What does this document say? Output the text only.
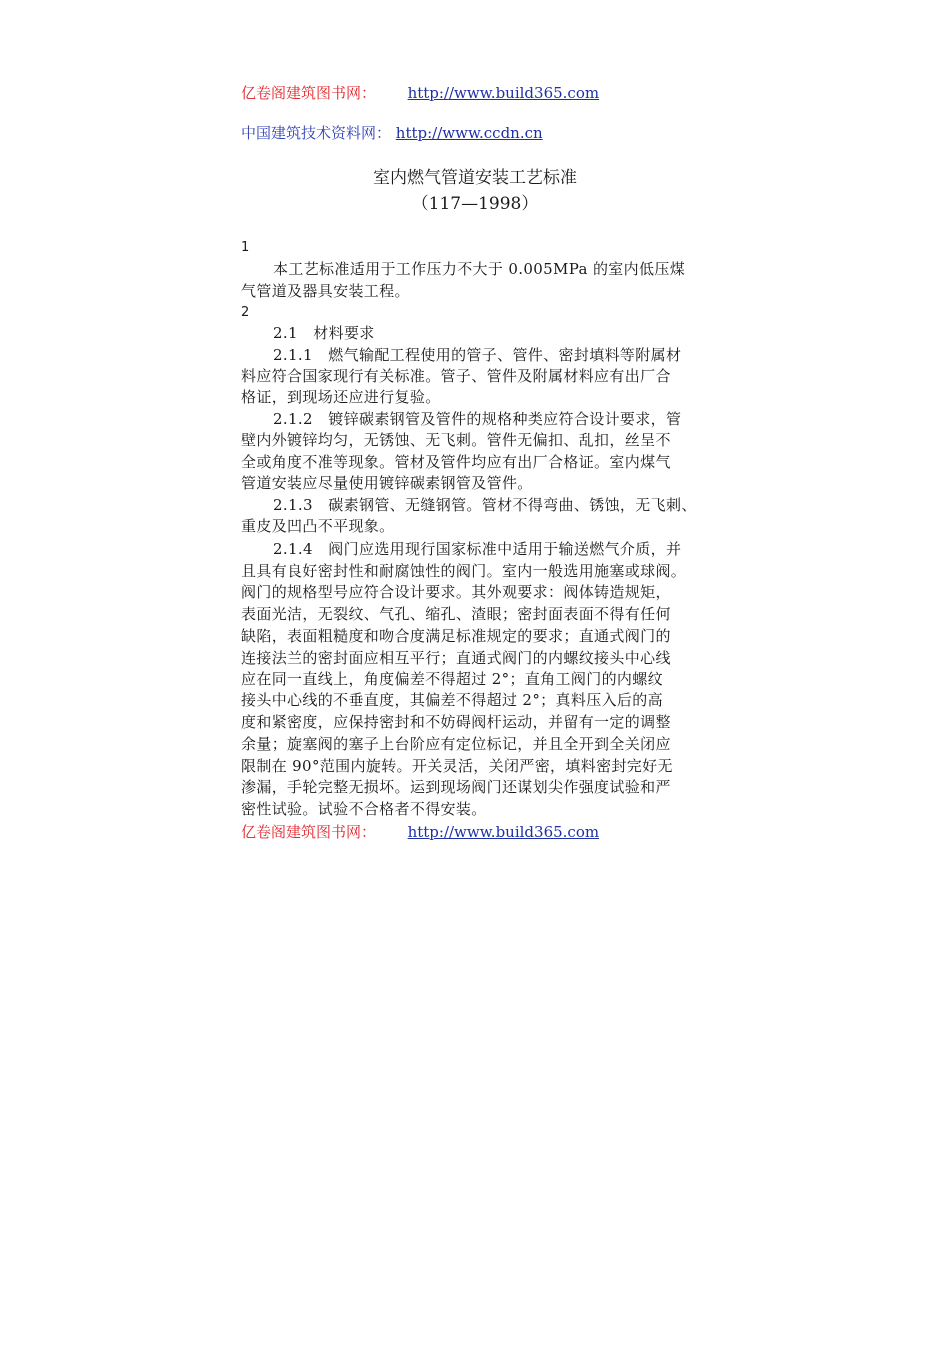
亿卷阁建筑图书网： http://www.build365.com
中国建筑技术资料网： http://www.ccdn.cn
室内燃气管道安装工艺标准
（117—1998）
1
本工艺标准适用于工作压力不大于 0.005MPa 的室内低压煤
气管道及器具安装工程。
2
2.1　材料要求
2.1.1　燃气输配工程使用的管子、管件、密封填料等附属材
料应符合国家现行有关标准。管子、管件及附属材料应有出厂合
格证，到现场还应进行复验。
2.1.2　镀锌碳素钢管及管件的规格种类应符合设计要求，管
壁内外镀锌均匀，无锈蚀、无飞刺。管件无偏扣、乱扣，丝呈不
全或角度不准等现象。管材及管件均应有出厂合格证。室内煤气
管道安装应尽量使用镀锌碳素钢管及管件。
2.1.3　碳素钢管、无缝钢管。管材不得弯曲、锈蚀，无飞刺、
重皮及凹凸不平现象。
2.1.4　阀门应选用现行国家标准中适用于输送燃气介质，并
且具有良好密封性和耐腐蚀性的阀门。室内一般选用施塞或球阀。
阀门的规格型号应符合设计要求。其外观要求：阀体铸造规矩，
表面光洁，无裂纹、气孔、缩孔、渣眼；密封面表面不得有任何
缺陷，表面粗糙度和吻合度满足标准规定的要求；直通式阀门的
连接法兰的密封面应相互平行；直通式阀门的内螺纹接头中心线
应在同一直线上，角度偏差不得超过 2°；直角工阀门的内螺纹
接头中心线的不垂直度，其偏差不得超过 2°；真料压入后的高
度和紧密度，应保持密封和不妨碍阀杆运动，并留有一定的调整
余量；旋塞阀的塞子上台阶应有定位标记，并且全开到全关闭应
限制在 90°范围内旋转。开关灵活，关闭严密，填料密封完好无
渗漏，手轮完整无损坏。运到现场阀门还谋划尖作强度试验和严
密性试验。试验不合格者不得安装。
亿卷阁建筑图书网： http://www.build365.com
